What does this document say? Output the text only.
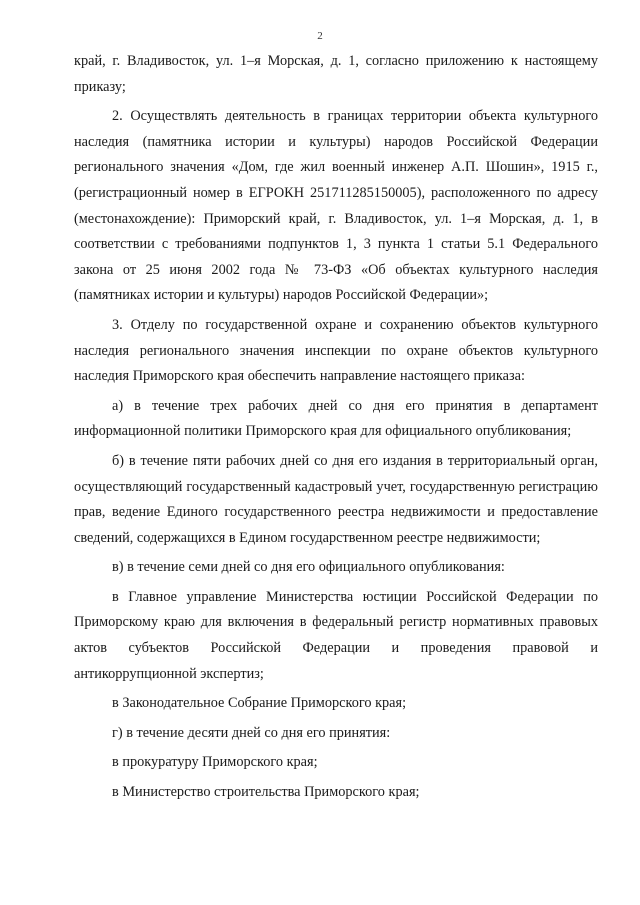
2

край, г. Владивосток, ул. 1–я Морская, д. 1, согласно приложению к настоящему приказу;

2. Осуществлять деятельность в границах территории объекта культурного наследия (памятника истории и культуры) народов Российской Федерации регионального значения «Дом, где жил военный инженер А.П. Шошин», 1915 г., (регистрационный номер в ЕГРОКН 251711285150005), расположенного по адресу (местонахождение): Приморский край, г. Владивосток, ул. 1–я Морская, д. 1, в соответствии с требованиями подпунктов 1, 3 пункта 1 статьи 5.1 Федерального закона от 25 июня 2002 года № 73-ФЗ «Об объектах культурного наследия (памятниках истории и культуры) народов Российской Федерации»;

3. Отделу по государственной охране и сохранению объектов культурного наследия регионального значения инспекции по охране объектов культурного наследия Приморского края обеспечить направление настоящего приказа:

а) в течение трех рабочих дней со дня его принятия в департамент информационной политики Приморского края для официального опубликования;

б) в течение пяти рабочих дней со дня его издания в территориальный орган, осуществляющий государственный кадастровый учет, государственную регистрацию прав, ведение Единого государственного реестра недвижимости и предоставление сведений, содержащихся в Едином государственном реестре недвижимости;

в) в течение семи дней со дня его официального опубликования:

в Главное управление Министерства юстиции Российской Федерации по Приморскому краю для включения в федеральный регистр нормативных правовых актов субъектов Российской Федерации и проведения правовой и антикоррупционной экспертиз;

в Законодательное Собрание Приморского края;

г) в течение десяти дней со дня его принятия:

в прокуратуру Приморского края;

в Министерство строительства Приморского края;
